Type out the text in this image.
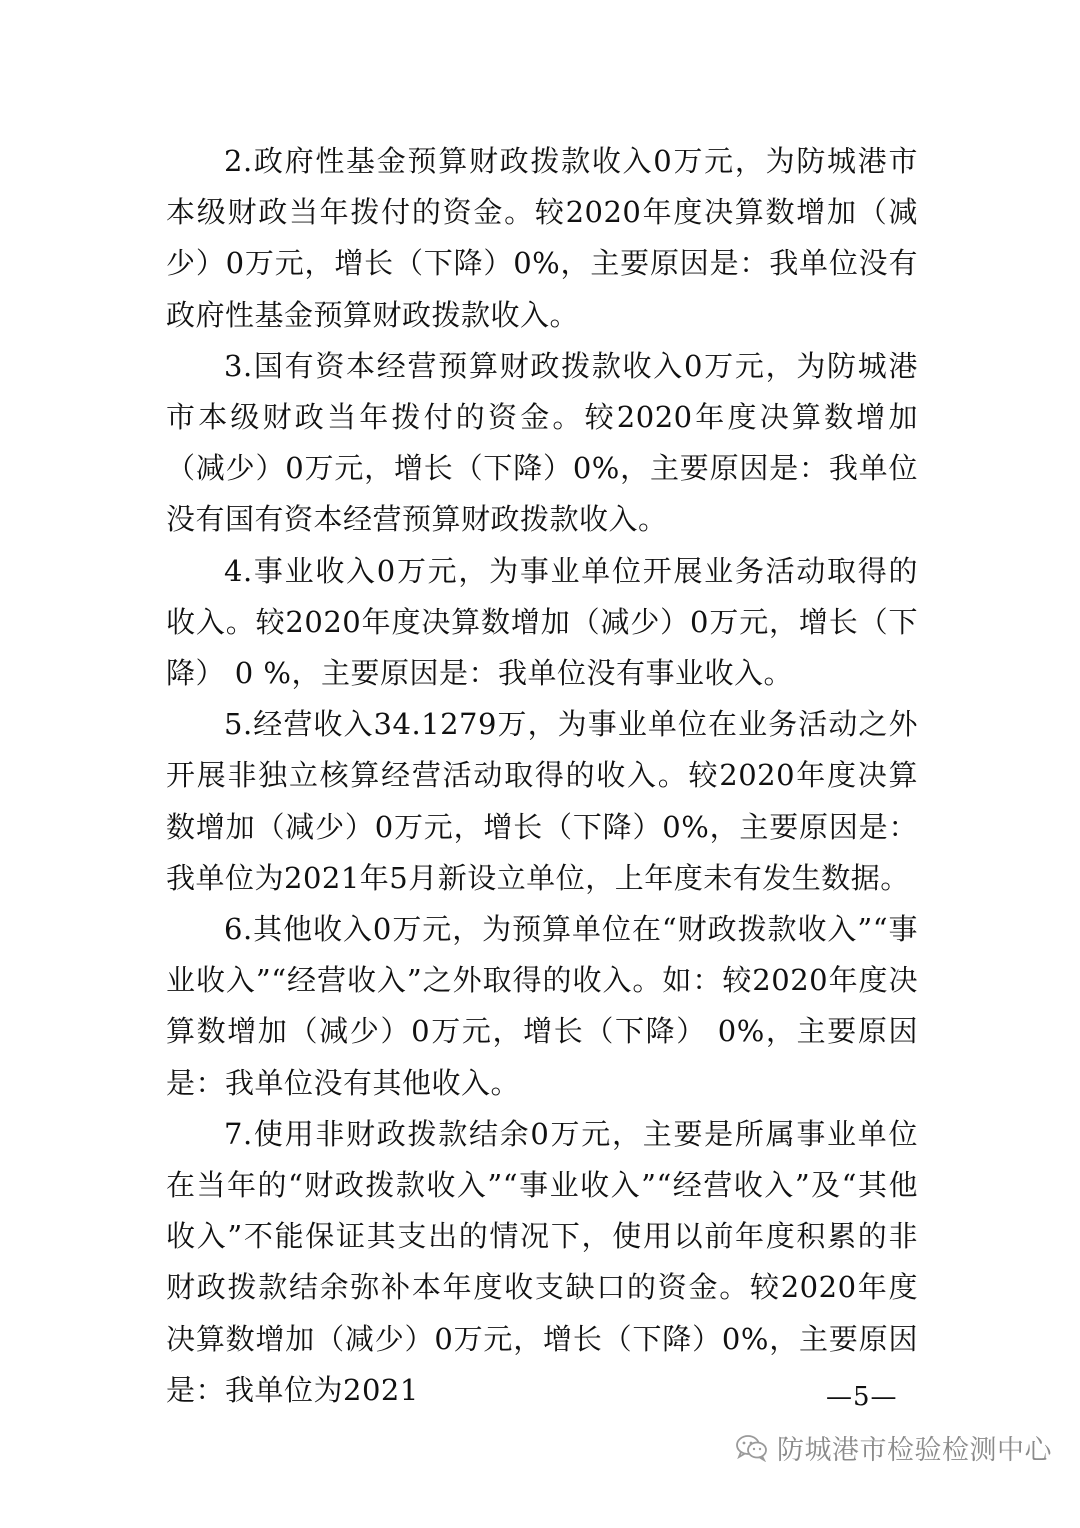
2.政府性基金预算财政拨款收入0万元，为防城港市本级财政当年拨付的资金。较2020年度决算数增加（减少）0万元，增长（下降）0%，主要原因是：我单位没有政府性基金预算财政拨款收入。

3.国有资本经营预算财政拨款收入0万元，为防城港市本级财政当年拨付的资金。较2020年度决算数增加（减少）0万元，增长（下降）0%，主要原因是：我单位没有国有资本经营预算财政拨款收入。

4.事业收入0万元，为事业单位开展业务活动取得的收入。较2020年度决算数增加（减少）0万元，增长（下降） 0 %，主要原因是：我单位没有事业收入。

5.经营收入34.1279万，为事业单位在业务活动之外开展非独立核算经营活动取得的收入。较2020年度决算数增加（减少）0万元，增长（下降）0%，主要原因是：我单位为2021年5月新设立单位，上年度未有发生数据。

6.其他收入0万元，为预算单位在“财政拨款收入”“事业收入”“经营收入”之外取得的收入。如：较2020年度决算数增加（减少）0万元，增长（下降） 0%，主要原因是：我单位没有其他收入。

7.使用非财政拨款结余0万元，主要是所属事业单位在当年的“财政拨款收入”“事业收入”“经营收入”及“其他收入”不能保证其支出的情况下，使用以前年度积累的非财政拨款结余弥补本年度收支缺口的资金。较2020年度决算数增加（减少）0万元，增长（下降）0%，主要原因是：我单位为2021	—5—
防城港市检验检测中心
